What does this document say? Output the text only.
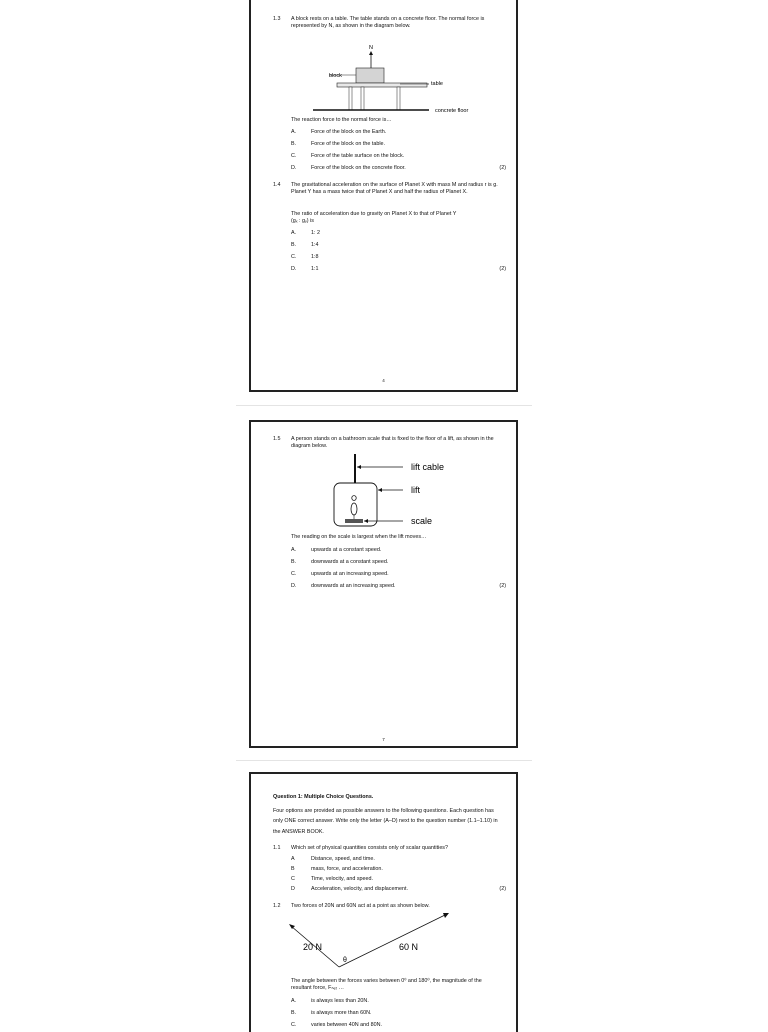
1.3 A block rests on a table. The table stands on a concrete floor. The normal force is represented by N, as shown in the diagram below.
N
block
table
concrete floor
The reaction force to the normal force is…
A.	Force of the block on the Earth.
B.	Force of the block on the table.
C.	Force of the table surface on the block.
D.	Force of the block on the concrete floor.	(2)
1.4 The gravitational acceleration on the surface of Planet X with mass M and radius r is g. Planet Y has a mass twice that of Planet X and half the radius of Planet X.
The ratio of acceleration due to gravity on Planet X to that of Planet Y
(gₓ : gᵧ) is
A.	1: 2
B.	1:4
C.	1:8
D.	1:1	(2)
4
1.5 A person stands on a bathroom scale that is fixed to the floor of a lift, as shown in the diagram below.
lift cable
lift
scale
The reading on the scale is largest when the lift moves…
A.	upwards at a constant speed.
B.	downwards at a constant speed.
C.	upwards at an increasing speed.
D.	downwards at an increasing speed.	(2)
7
Question 1: Multiple Choice Questions.
Four options are provided as possible answers to the following questions. Each question has only ONE correct answer. Write only the letter (A–D) next to the question number (1.1–1.10) in the ANSWER BOOK.
1.1 Which set of physical quantities consists only of scalar quantities?
A	Distance, speed, and time.
B	mass, force, and acceleration.
C	Time, velocity, and speed.
D	Acceleration, velocity, and displacement.	(2)
1.2 Two forces of 20N and 60N act at a point as shown below.
20 N	60 N
θ
The angle between the forces varies between 0⁰ and 180⁰, the magnitude of the resultant force, Fₙₑₜ …
A.	is always less than 20N.
B.	is always more than 60N.
C.	varies between 40N and 80N.
